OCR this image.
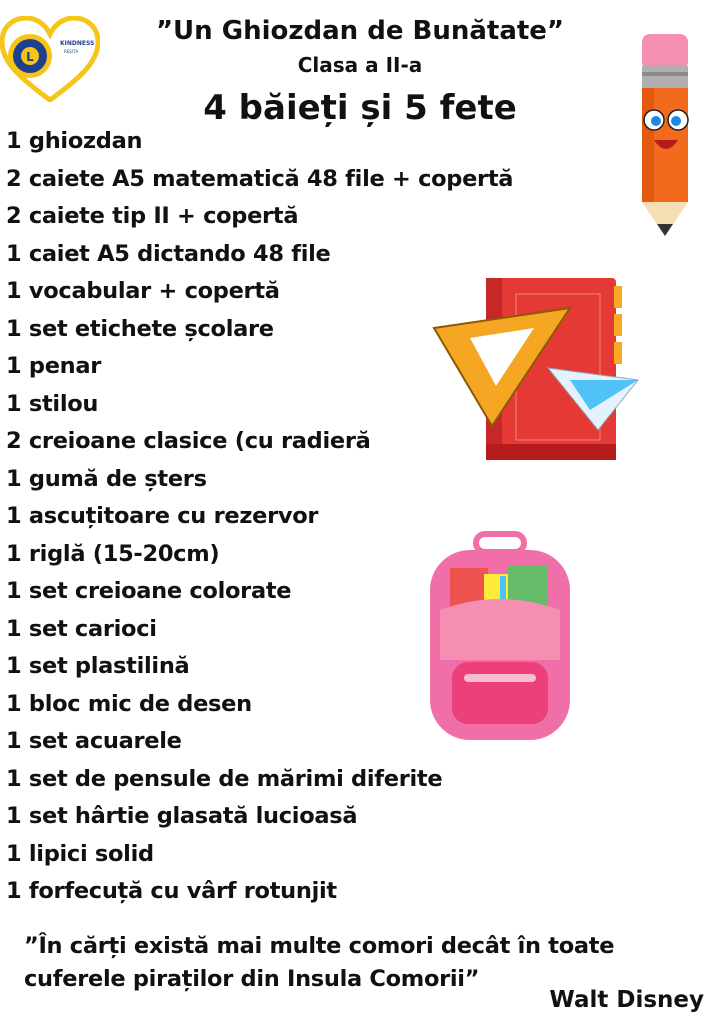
L
KINDNESS
REȘIȚA
”Un Ghiozdan de Bunătate”
Clasa a II-a
4 băieți și 5 fete
1 ghiozdan
2 caiete A5 matematică 48 file + copertă
2 caiete tip II + copertă
1 caiet A5 dictando 48 file
1 vocabular + copertă
1 set etichete școlare
1 penar
1 stilou
2 creioane clasice (cu radieră
1 gumă de șters
1 ascuțitoare cu rezervor
1 riglă (15-20cm)
1 set creioane colorate
1 set carioci
1 set plastilină
1 bloc mic de desen
1 set acuarele
1 set de pensule de mărimi diferite
1 set hârtie glasată lucioasă
1 lipici solid
1 forfecuță cu vârf rotunjit
”În cărți există mai multe comori decât în toate cuferele piraților din Insula Comorii”
Walt Disney
